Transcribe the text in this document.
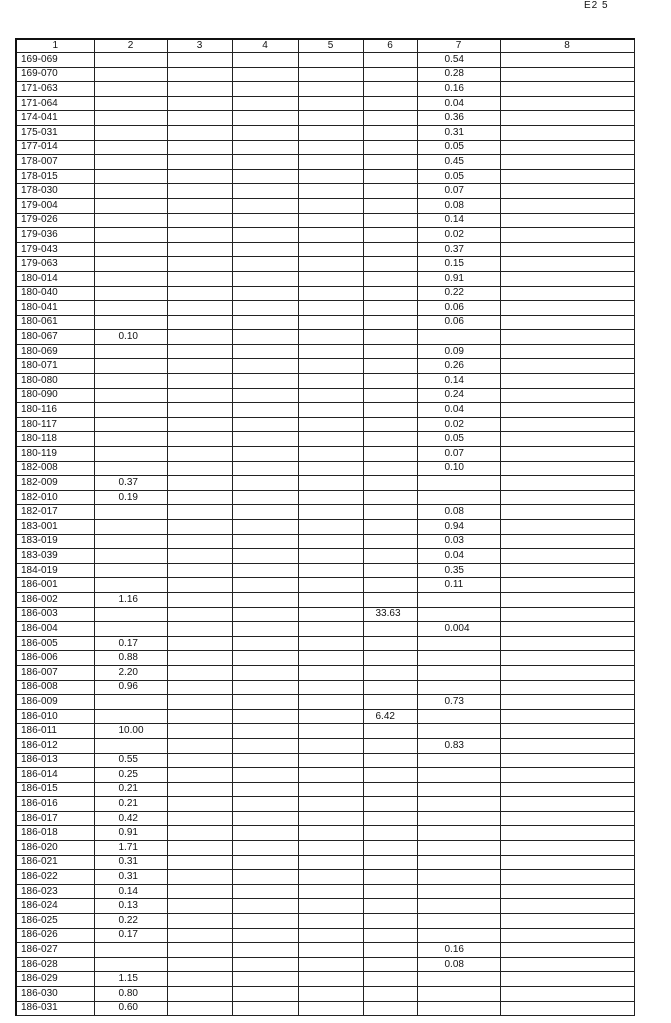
E2 5
1	2	3	4	5	6	7	8
169-069						0.54	
169-070						0.28	
171-063						0.16	
171-064						0.04	
174-041						0.36	
175-031						0.31	
177-014						0.05	
178-007						0.45	
178-015						0.05	
178-030						0.07	
179-004						0.08	
179-026						0.14	
179-036						0.02	
179-043						0.37	
179-063						0.15	
180-014						0.91	
180-040						0.22	
180-041						0.06	
180-061						0.06	
180-067	0.10						
180-069						0.09	
180-071						0.26	
180-080						0.14	
180-090						0.24	
180-116						0.04	
180-117						0.02	
180-118						0.05	
180-119						0.07	
182-008						0.10	
182-009	0.37						
182-010	0.19						
182-017						0.08	
183-001						0.94	
183-019						0.03	
183-039						0.04	
184-019						0.35	
186-001						0.11	
186-002	1.16						
186-003					33.63		
186-004						0.004	
186-005	0.17						
186-006	0.88						
186-007	2.20						
186-008	0.96						
186-009						0.73	
186-010					6.42		
186-011	10.00						
186-012						0.83	
186-013	0.55						
186-014	0.25						
186-015	0.21						
186-016	0.21						
186-017	0.42						
186-018	0.91						
186-020	1.71						
186-021	0.31						
186-022	0.31						
186-023	0.14						
186-024	0.13						
186-025	0.22						
186-026	0.17						
186-027						0.16	
186-028						0.08	
186-029	1.15						
186-030	0.80						
186-031	0.60						
